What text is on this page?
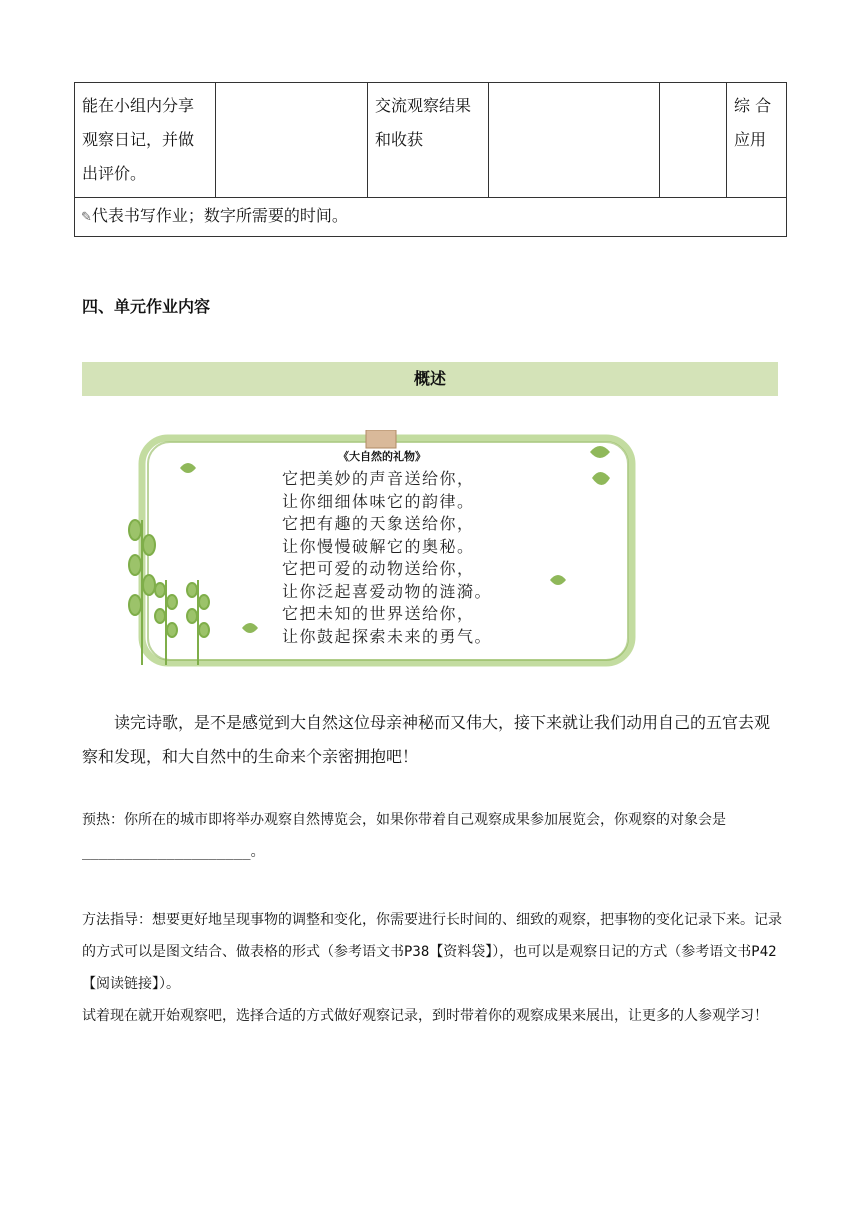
能在小组内分享观察日记，并做出评价。		交流观察结果和收获			综 合应用
✎代表书写作业；数字所需要的时间。
四、单元作业内容
概述
《大自然的礼物》
它把美妙的声音送给你，
让你细细体味它的韵律。
它把有趣的天象送给你，
让你慢慢破解它的奥秘。
它把可爱的动物送给你，
让你泛起喜爱动物的涟漪。
它把未知的世界送给你，
让你鼓起探索未来的勇气。
读完诗歌，是不是感觉到大自然这位母亲神秘而又伟大，接下来就让我们动用自己的五官去观察和发现，和大自然中的生命来个亲密拥抱吧！
预热：你所在的城市即将举办观察自然博览会，如果你带着自己观察成果参加展览会，你观察的对象会是____________________。
方法指导：想要更好地呈现事物的调整和变化，你需要进行长时间的、细致的观察，把事物的变化记录下来。记录的方式可以是图文结合、做表格的形式（参考语文书P38【资料袋】），也可以是观察日记的方式（参考语文书P42【阅读链接】）。
试着现在就开始观察吧，选择合适的方式做好观察记录，到时带着你的观察成果来展出，让更多的人参观学习！
